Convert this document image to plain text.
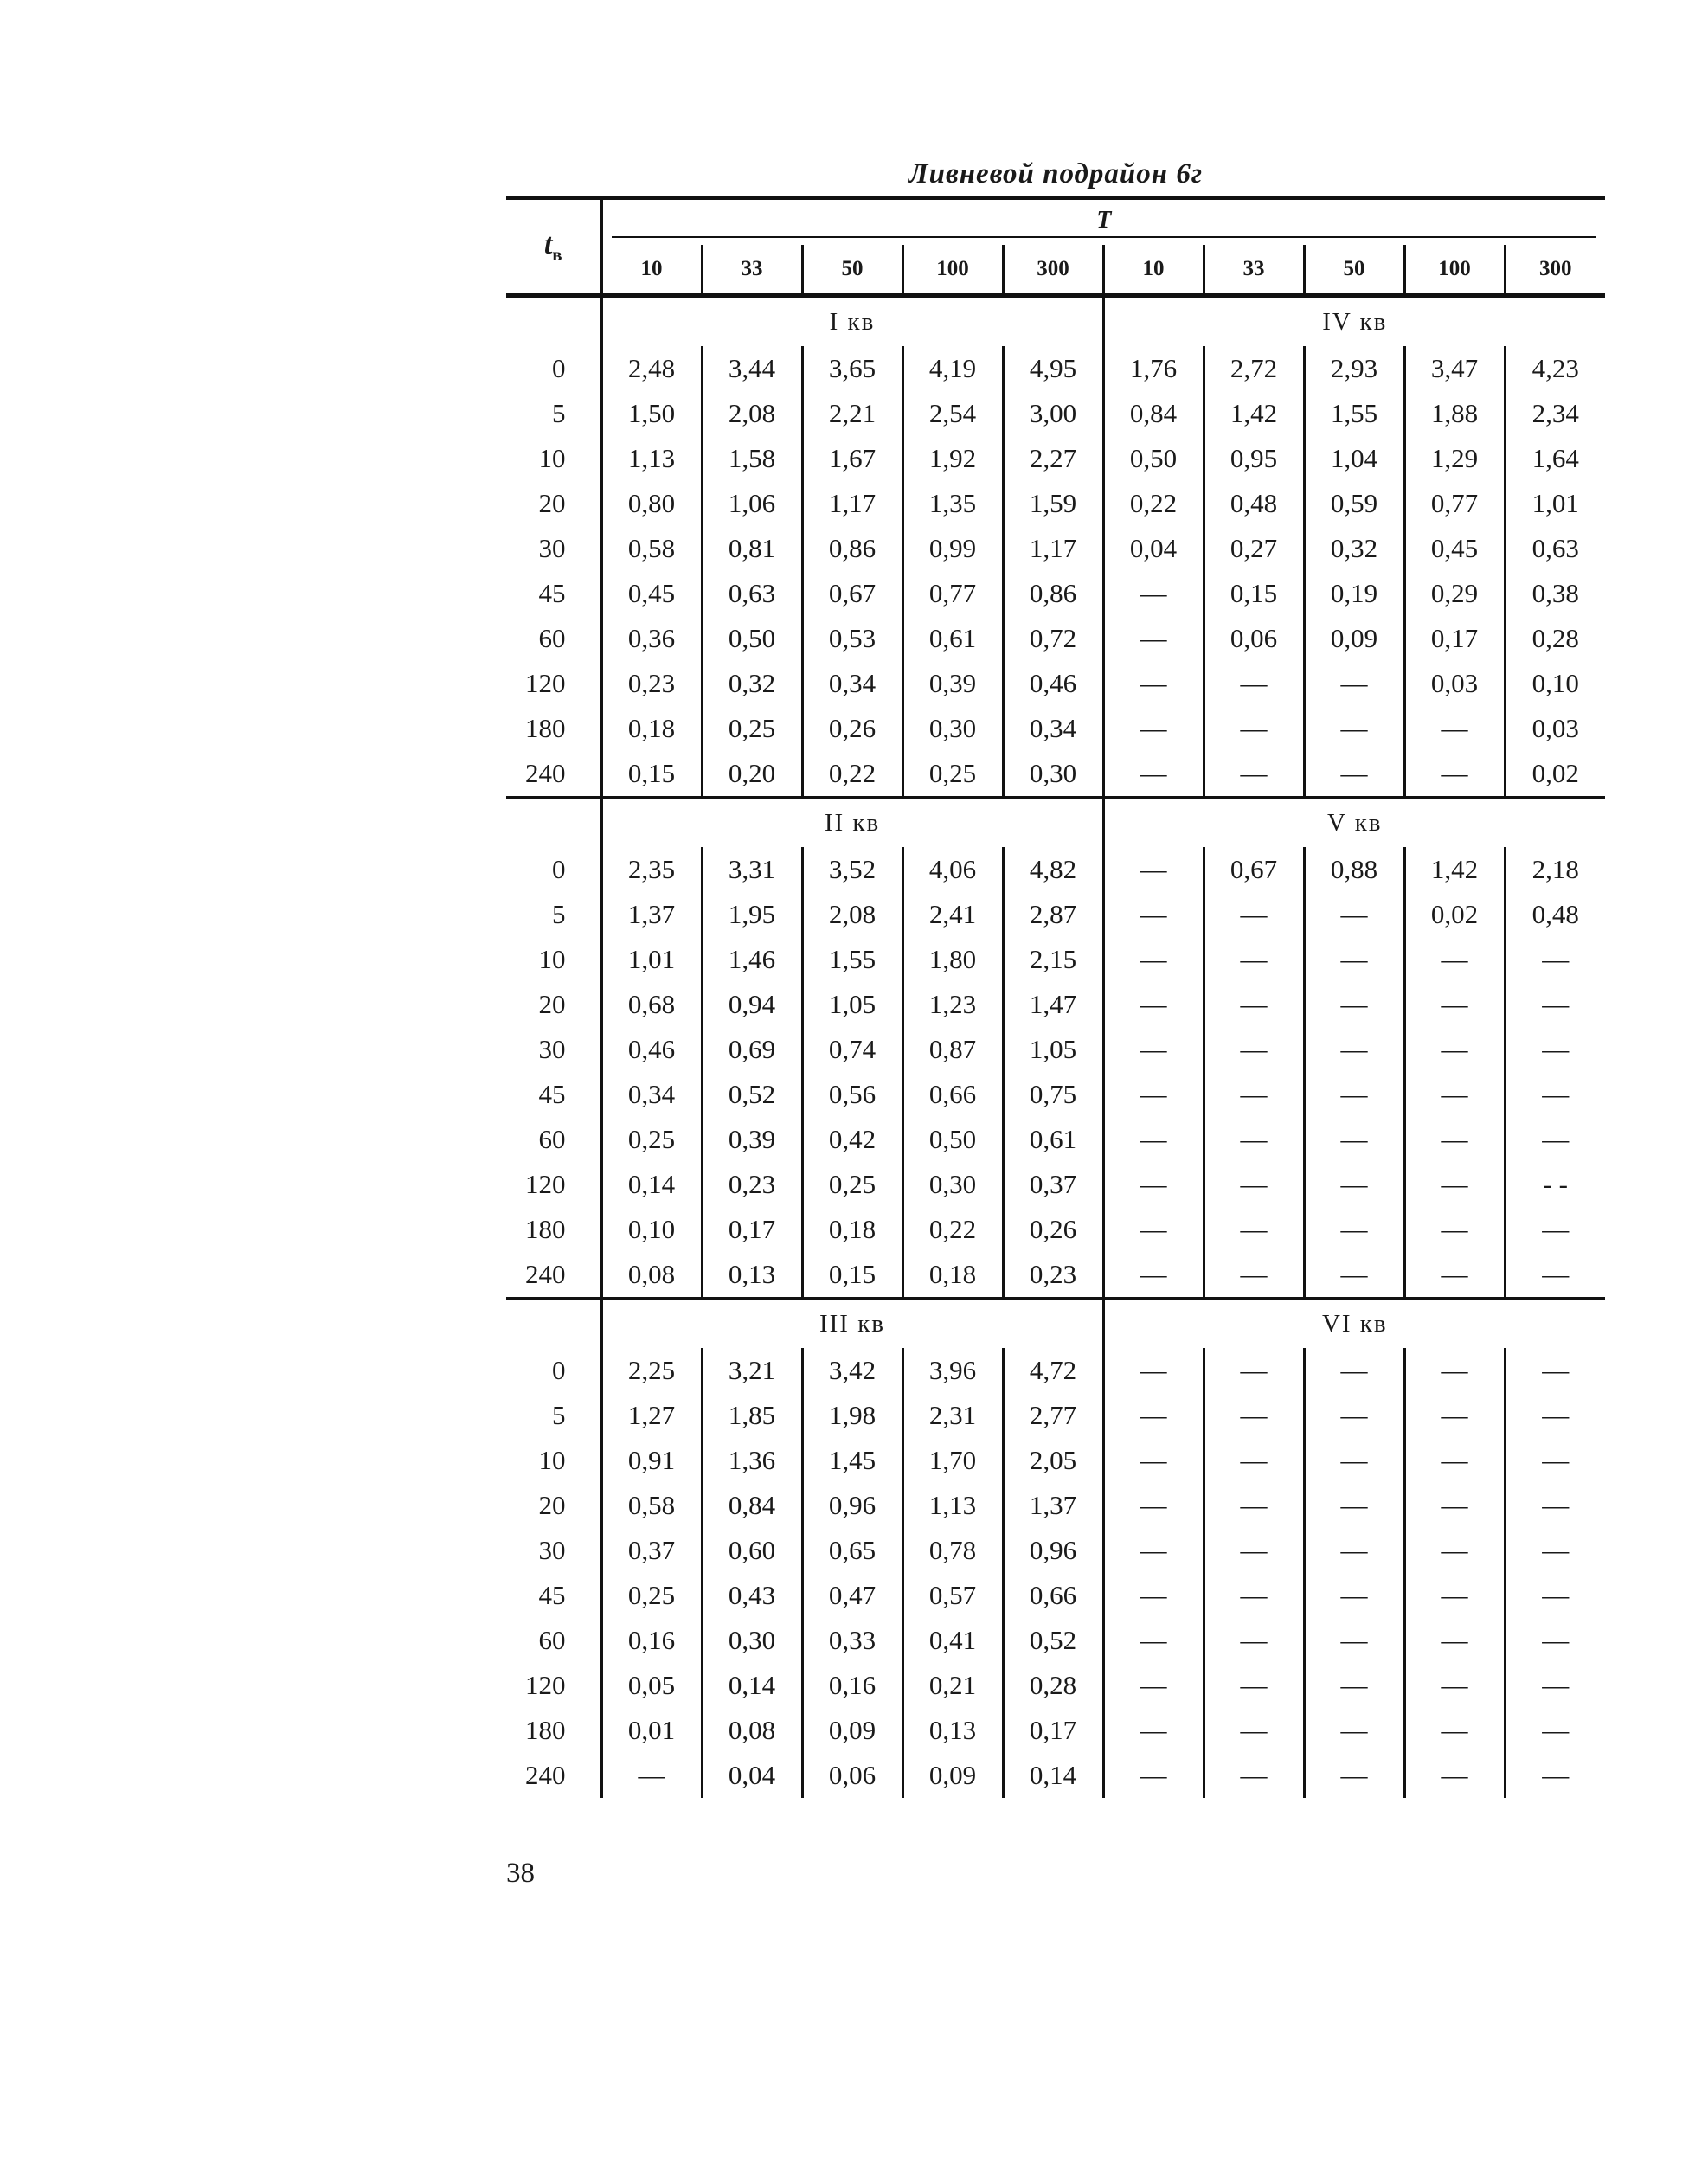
Ливневой подрайон 6г
$t_в$	T									

	10	33	50	100	300	10	33	50	100	300
	I кв					IV кв				
0	2,48	3,44	3,65	4,19	4,95	1,76	2,72	2,93	3,47	4,23
5	1,50	2,08	2,21	2,54	3,00	0,84	1,42	1,55	1,88	2,34
10	1,13	1,58	1,67	1,92	2,27	0,50	0,95	1,04	1,29	1,64
20	0,80	1,06	1,17	1,35	1,59	0,22	0,48	0,59	0,77	1,01
30	0,58	0,81	0,86	0,99	1,17	0,04	0,27	0,32	0,45	0,63
45	0,45	0,63	0,67	0,77	0,86	—	0,15	0,19	0,29	0,38
60	0,36	0,50	0,53	0,61	0,72	—	0,06	0,09	0,17	0,28
120	0,23	0,32	0,34	0,39	0,46	—	—	—	0,03	0,10
180	0,18	0,25	0,26	0,30	0,34	—	—	—	—	0,03
240	0,15	0,20	0,22	0,25	0,30	—	—	—	—	0,02
	II кв					V кв				
0	2,35	3,31	3,52	4,06	4,82	—	0,67	0,88	1,42	2,18
5	1,37	1,95	2,08	2,41	2,87	—	—	—	0,02	0,48
10	1,01	1,46	1,55	1,80	2,15	—	—	—	—	—
20	0,68	0,94	1,05	1,23	1,47	—	—	—	—	—
30	0,46	0,69	0,74	0,87	1,05	—	—	—	—	—
45	0,34	0,52	0,56	0,66	0,75	—	—	—	—	—
60	0,25	0,39	0,42	0,50	0,61	—	—	—	—	—
120	0,14	0,23	0,25	0,30	0,37	—	—	—	—	- -
180	0,10	0,17	0,18	0,22	0,26	—	—	—	—	—
240	0,08	0,13	0,15	0,18	0,23	—	—	—	—	—
	III кв					VI кв				
0	2,25	3,21	3,42	3,96	4,72	—	—	—	—	—
5	1,27	1,85	1,98	2,31	2,77	—	—	—	—	—
10	0,91	1,36	1,45	1,70	2,05	—	—	—	—	—
20	0,58	0,84	0,96	1,13	1,37	—	—	—	—	—
30	0,37	0,60	0,65	0,78	0,96	—	—	—	—	—
45	0,25	0,43	0,47	0,57	0,66	—	—	—	—	—
60	0,16	0,30	0,33	0,41	0,52	—	—	—	—	—
120	0,05	0,14	0,16	0,21	0,28	—	—	—	—	—
180	0,01	0,08	0,09	0,13	0,17	—	—	—	—	—
240	—	0,04	0,06	0,09	0,14	—	—	—	—	—
38
